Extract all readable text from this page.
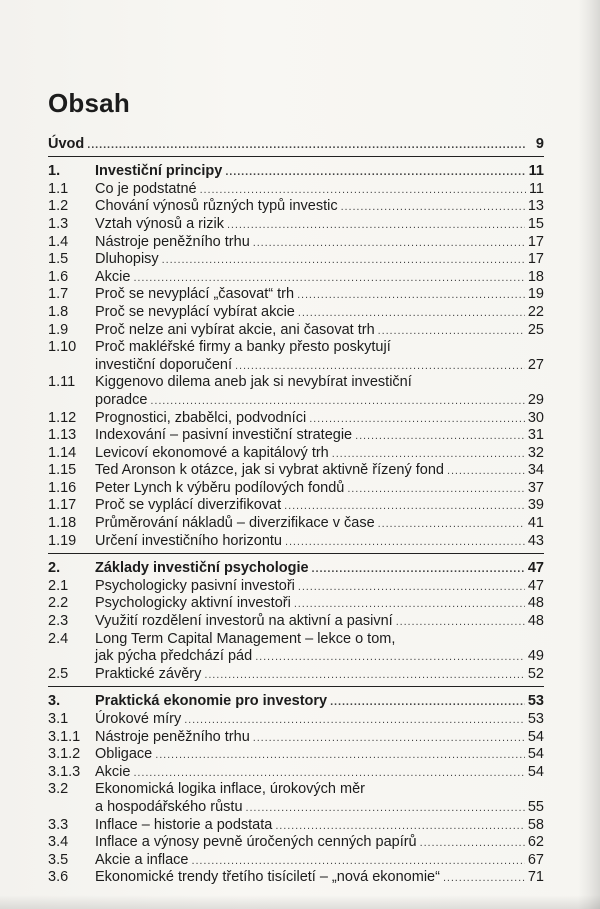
Obsah
Úvod .....	9
1.	Investiční principy .....	11
1.1	Co je podstatné .....	11
1.2	Chování výnosů různých typů investic .....	13
1.3	Vztah výnosů a rizik .....	15
1.4	Nástroje peněžního trhu .....	17
1.5	Dluhopisy .....	17
1.6	Akcie .....	18
1.7	Proč se nevyplácí „časovat“ trh .....	19
1.8	Proč se nevyplácí vybírat akcie .....	22
1.9	Proč nelze ani vybírat akcie, ani časovat trh .....	25
1.10	Proč makléřské firmy a banky přesto poskytují
investiční doporučení .....	27
1.11	Kiggenovo dilema aneb jak si nevybírat investiční
poradce .....	29
1.12	Prognostici, zbabělci, podvodníci .....	30
1.13	Indexování – pasivní investiční strategie .....	31
1.14	Levicoví ekonomové a kapitálový trh .....	32
1.15	Ted Aronson k otázce, jak si vybrat aktivně řízený fond .....	34
1.16	Peter Lynch k výběru podílových fondů .....	37
1.17	Proč se vyplácí diverzifikovat .....	39
1.18	Průměrování nákladů – diverzifikace v čase .....	41
1.19	Určení investičního horizontu .....	43
2.	Základy investiční psychologie .....	47
2.1	Psychologicky pasivní investoři .....	47
2.2	Psychologicky aktivní investoři .....	48
2.3	Využití rozdělení investorů na aktivní a pasivní .....	48
2.4	Long Term Capital Management – lekce o tom,
jak pýcha předchází pád .....	49
2.5	Praktické závěry .....	52
3.	Praktická ekonomie pro investory .....	53
3.1	Úrokové míry .....	53
3.1.1	Nástroje peněžního trhu .....	54
3.1.2	Obligace .....	54
3.1.3	Akcie .....	54
3.2	Ekonomická logika inflace, úrokových měr
a hospodářského růstu .....	55
3.3	Inflace – historie a podstata .....	58
3.4	Inflace a výnosy pevně úročených cenných papírů .....	62
3.5	Akcie a inflace .....	67
3.6	Ekonomické trendy třetího tisíciletí – „nová ekonomie“ .....	71
